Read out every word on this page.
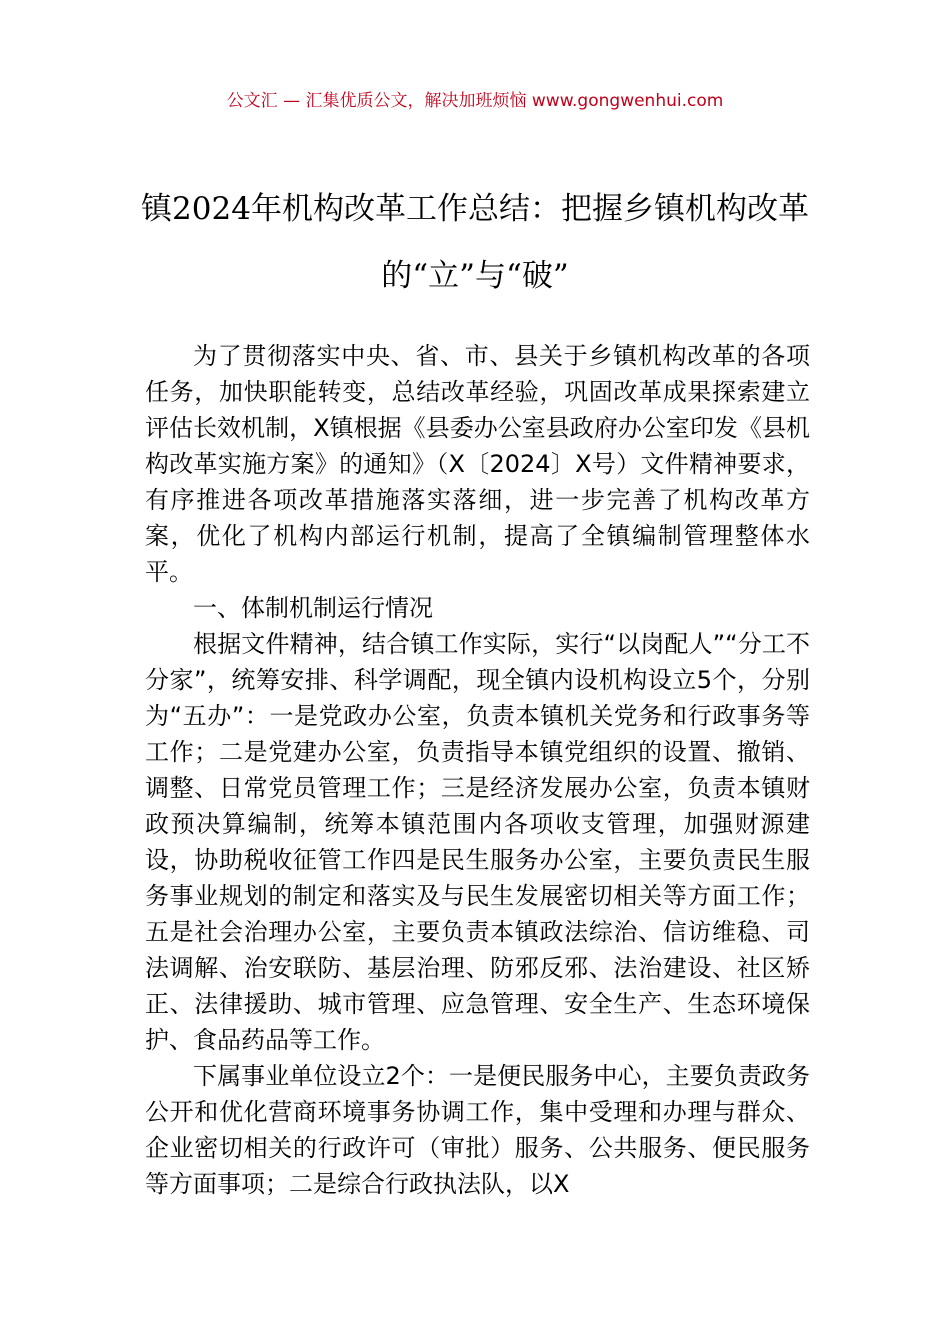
公文汇 — 汇集优质公文，解决加班烦恼 www.gongwenhui.com
镇2024年机构改革工作总结：把握乡镇机构改革的“立”与“破”

为了贯彻落实中央、省、市、县关于乡镇机构改革的各项任务，加快职能转变，总结改革经验，巩固改革成果探索建立评估长效机制，X镇根据《县委办公室县政府办公室印发《县机构改革实施方案》的通知》（X〔2024〕X号）文件精神要求，有序推进各项改革措施落实落细，进一步完善了机构改革方案，优化了机构内部运行机制，提高了全镇编制管理整体水平。

一、体制机制运行情况

根据文件精神，结合镇工作实际，实行“以岗配人”“分工不分家”，统筹安排、科学调配，现全镇内设机构设立5个，分别为“五办”：一是党政办公室，负责本镇机关党务和行政事务等工作；二是党建办公室，负责指导本镇党组织的设置、撤销、调整、日常党员管理工作；三是经济发展办公室，负责本镇财政预决算编制，统筹本镇范围内各项收支管理，加强财源建设，协助税收征管工作四是民生服务办公室，主要负责民生服务事业规划的制定和落实及与民生发展密切相关等方面工作；五是社会治理办公室，主要负责本镇政法综治、信访维稳、司法调解、治安联防、基层治理、防邪反邪、法治建设、社区矫正、法律援助、城市管理、应急管理、安全生产、生态环境保护、食品药品等工作。

下属事业单位设立2个：一是便民服务中心，主要负责政务公开和优化营商环境事务协调工作，集中受理和办理与群众、企业密切相关的行政许可（审批）服务、公共服务、便民服务等方面事项；二是综合行政执法队，以X
